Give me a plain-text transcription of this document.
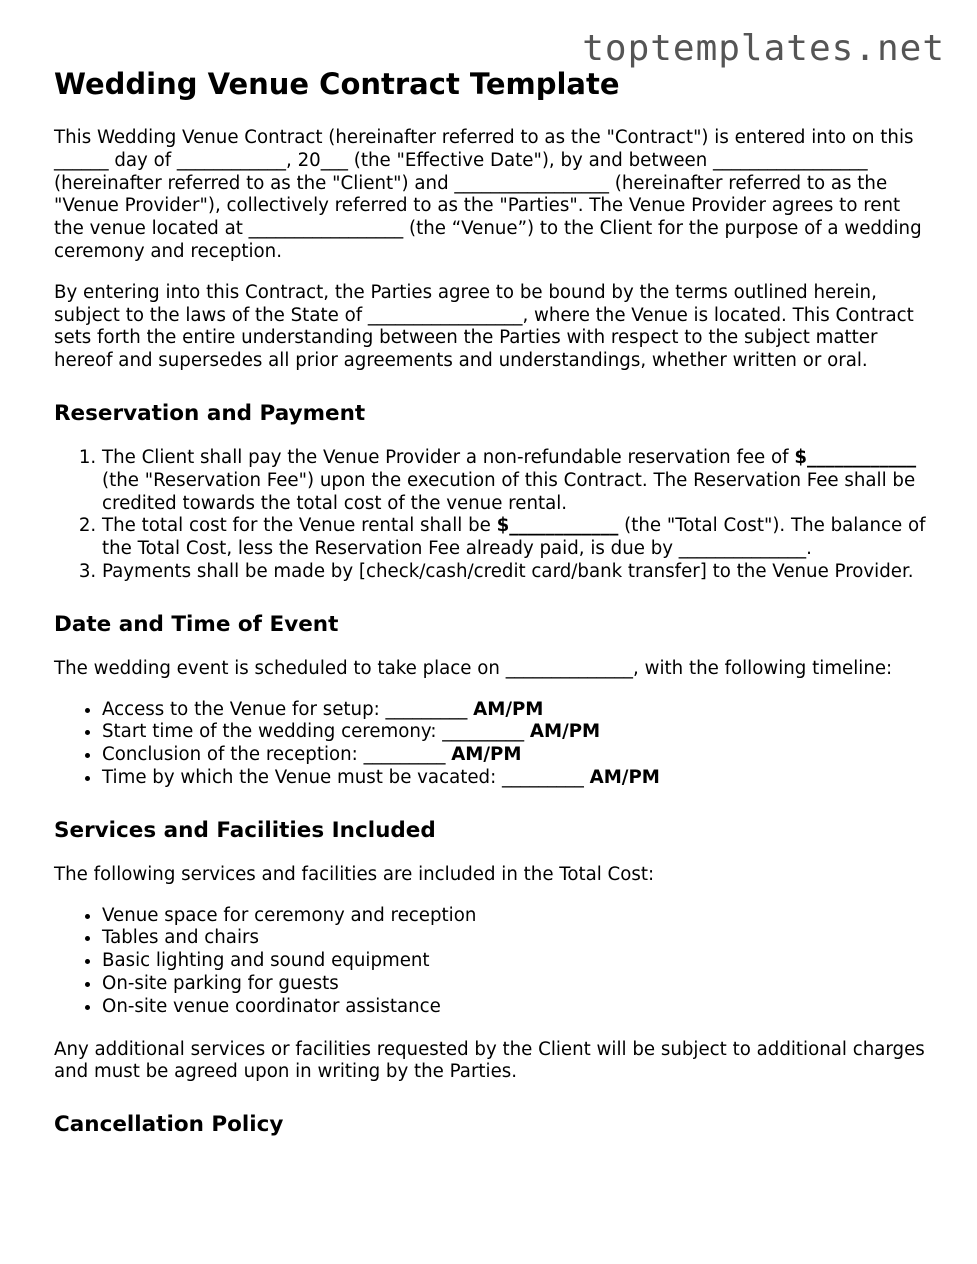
toptemplates.net
Wedding Venue Contract Template

This Wedding Venue Contract (hereinafter referred to as the "Contract") is entered into on this ______ day of ____________, 20___ (the "Effective Date"), by and between _________________ (hereinafter referred to as the "Client") and _________________ (hereinafter referred to as the "Venue Provider"), collectively referred to as the "Parties". The Venue Provider agrees to rent the venue located at _________________ (the “Venue”) to the Client for the purpose of a wedding ceremony and reception.

By entering into this Contract, the Parties agree to be bound by the terms outlined herein, subject to the laws of the State of _________________, where the Venue is located. This Contract sets forth the entire understanding between the Parties with respect to the subject matter hereof and supersedes all prior agreements and understandings, whether written or oral.

Reservation and Payment
1. The Client shall pay the Venue Provider a non-refundable reservation fee of $____________ (the "Reservation Fee") upon the execution of this Contract. The Reservation Fee shall be credited towards the total cost of the venue rental.
2. The total cost for the Venue rental shall be $____________ (the "Total Cost"). The balance of the Total Cost, less the Reservation Fee already paid, is due by ______________.
3. Payments shall be made by [check/cash/credit card/bank transfer] to the Venue Provider.
Date and Time of Event

The wedding event is scheduled to take place on ______________, with the following timeline:

• Access to the Venue for setup: _________ AM/PM
• Start time of the wedding ceremony: _________ AM/PM
• Conclusion of the reception: _________ AM/PM
• Time by which the Venue must be vacated: _________ AM/PM
Services and Facilities Included

The following services and facilities are included in the Total Cost:

• Venue space for ceremony and reception
• Tables and chairs
• Basic lighting and sound equipment
• On-site parking for guests
• On-site venue coordinator assistance

Any additional services or facilities requested by the Client will be subject to additional charges and must be agreed upon in writing by the Parties.

Cancellation Policy
